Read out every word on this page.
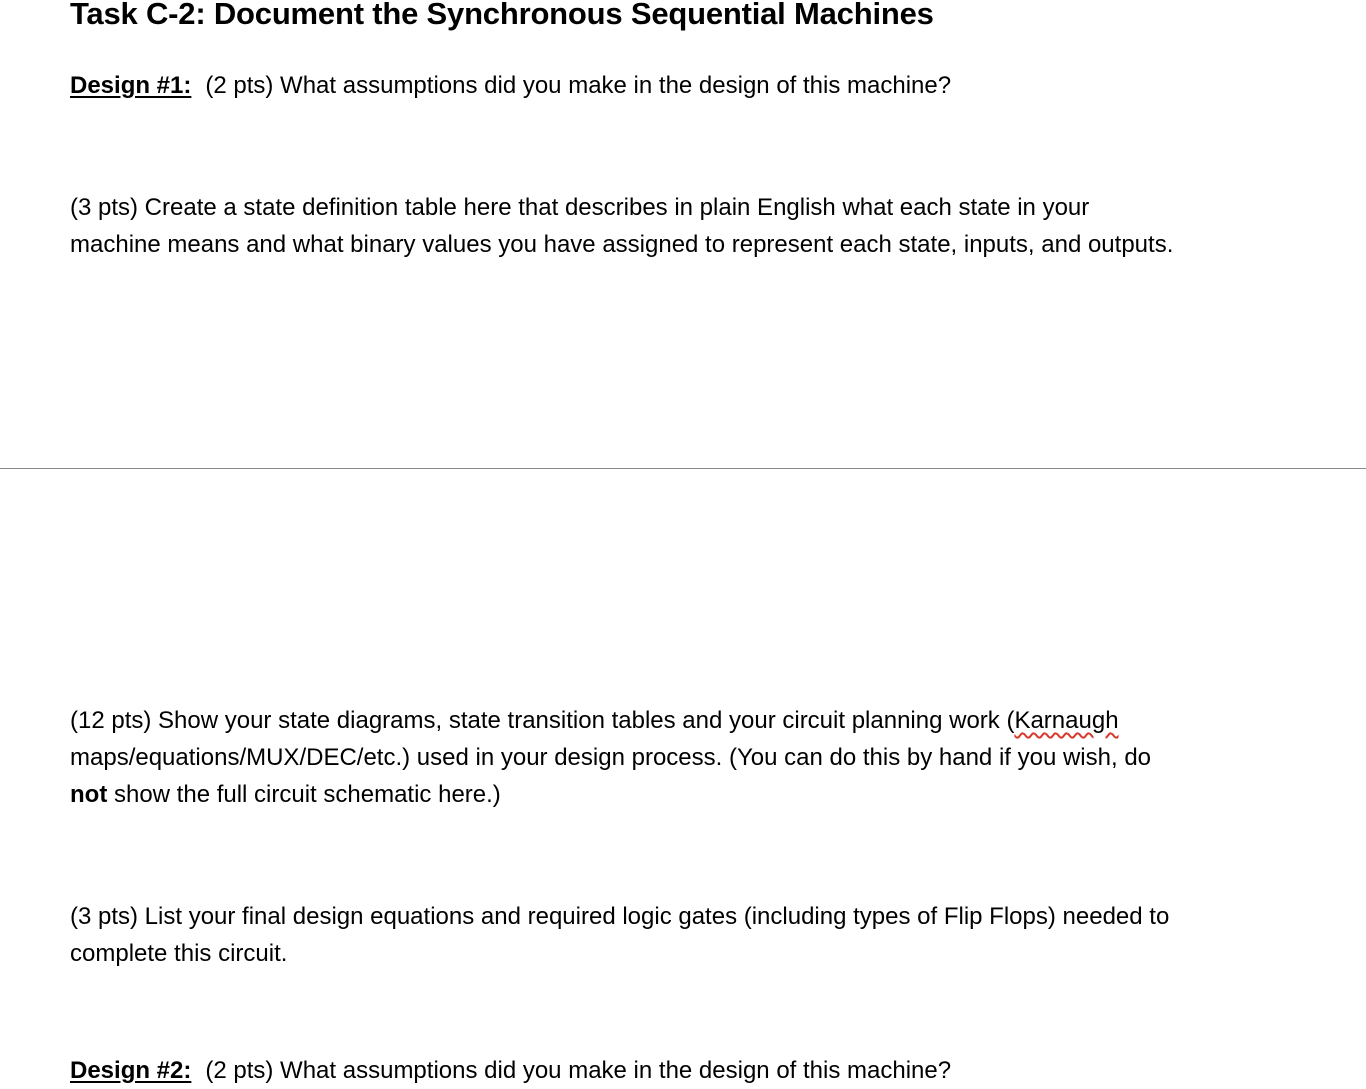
Task C-2: Document the Synchronous Sequential Machines

Design #1: (2 pts) What assumptions did you make in the design of this machine?

(3 pts) Create a state definition table here that describes in plain English what each state in your
machine means and what binary values you have assigned to represent each state, inputs, and outputs.

(12 pts) Show your state diagrams, state transition tables and your circuit planning work (Karnaugh
maps/equations/MUX/DEC/etc.) used in your design process. (You can do this by hand if you wish, do
not show the full circuit schematic here.)

(3 pts) List your final design equations and required logic gates (including types of Flip Flops) needed to
complete this circuit.

Design #2: (2 pts) What assumptions did you make in the design of this machine?
